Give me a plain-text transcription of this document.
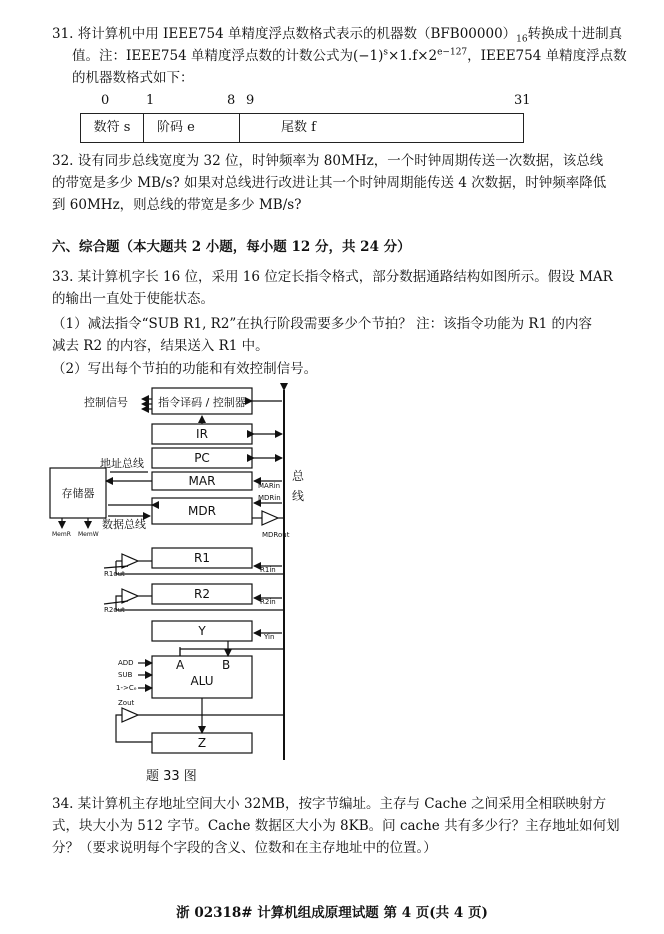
31. 将计算机中用 IEEE754 单精度浮点数格式表示的机器数$(BFB00000)_{16}$转换成十进制真

值。注：IEEE754 单精度浮点数的计数公式为$(-1)^s\times 1.f\times 2^{e-127}$，IEEE754 单精度浮点数

的机器数格式如下：

0	1	8 9	31
数符 s	阶码 e	尾数 f

32. 设有同步总线宽度为 32 位，时钟频率为 80MHz，一个时钟周期传送一次数据，该总线

的带宽是多少 MB/s? 如果对总线进行改进让其一个时钟周期能传送 4 次数据，时钟频率降低

到 60MHz，则总线的带宽是多少 MB/s?

六、综合题（本大题共 2 小题，每小题 12 分，共 24 分）

33. 某计算机字长 16 位，采用 16 位定长指令格式，部分数据通路结构如图所示。假设 MAR

的输出一直处于使能状态。

（1）减法指令“SUB R1, R2”在执行阶段需要多少个节拍？ 注：该指令功能为 R1 的内容

减去 R2 的内容，结果送入 R1 中。

（2）写出每个节拍的功能和有效控制信号。

控制信号	指令译码 / 控制器
IR
PC
地址总线
MAR
存储器
MARin
MDRin
MDR
数据总线
MemR MemW	MDRout
总
线
R1
R1in
R1out
R2
R2in
R2out
Y	Yin
A	B
ALU
ADD
SUB
1->Cₑ
Zout
Z
题 33 图

34. 某计算机主存地址空间大小 32MB，按字节编址。主存与 Cache 之间采用全相联映射方

式，块大小为 512 字节。Cache 数据区大小为 8KB。问 cache 共有多少行？主存地址如何划

分？（要求说明每个字段的含义、位数和在主存地址中的位置。）

浙 02318# 计算机组成原理试题 第 4 页(共 4 页)
